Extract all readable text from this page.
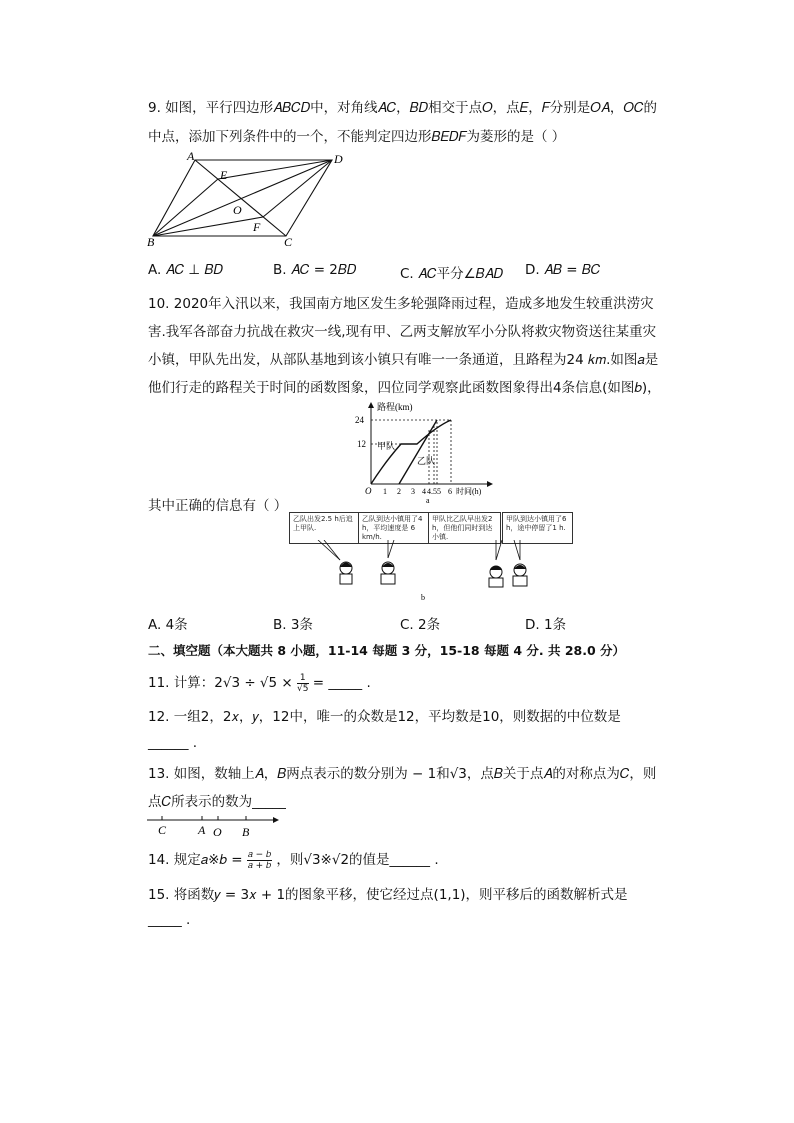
9. 如图，平行四边形𝐴𝐵𝐶𝐷中，对角线𝐴𝐶，𝐵𝐷相交于点𝑂，点𝐸，𝐹分别是𝑂𝐴，𝑂𝐶的
中点，添加下列条件中的一个，不能判定四边形𝐵𝐸𝐷𝐹为菱形的是（ ）
A	D
B	C
E
O
F
A. 𝐴𝐶 ⊥ 𝐵𝐷	B. 𝐴𝐶 = 2𝐵𝐷	C. 𝐴𝐶平分∠𝐵𝐴𝐷 D. 𝐴𝐵 = 𝐵𝐶
10. 2020年入汛以来，我国南方地区发生多轮强降雨过程，造成多地发生较重洪涝灾
害.我军各部奋力抗战在救灾一线,现有甲、乙两支解放军小分队将救灾物资送往某重灾
小镇，甲队先出发，从部队基地到该小镇只有唯一一条通道，且路程为24 𝑘𝑚.如图𝑎是
他们行走的路程关于时间的函数图象，四位同学观察此函数图象得出4条信息(如图𝑏)，
路程(km)
24
12
O 1 2 3 4 4.5 5 6 时间(h)
甲队
乙队
a
其中正确的信息有（ ）
乙队出发2.5 h后追上甲队.
乙队到达小镇用了4 h，平均速度是 6 km/h.
甲队比乙队早出发2 h，但他们同时到达小镇.
甲队到达小镇用了6 h，途中停留了1 h.
b
A. 4条	B. 3条	C. 2条	D. 1条
二、填空题（本大题共 8 小题，11-14 每题 3 分，15-18 每题 4 分. 共 28.0 分）
11. 计算：$2√3 \div √5 \times \frac{1}{√5}$ = _____ .
12. 一组2，2𝑥，𝑦，12中，唯一的众数是12，平均数是10，则数据的中位数是
______ .
13. 如图，数轴上𝐴，𝐵两点表示的数分别为 − 1和√3，点𝐵关于点𝐴的对称点为𝐶，则
点𝐶所表示的数为_____
C	A O B
14. 规定𝑎※𝑏 = $\frac{\text{𝑎 − 𝑏}}{\text{𝑎 + 𝑏}}$ ，则√3※√2的值是______ .
15. 将函数𝑦 = 3𝑥 + 1的图象平移，使它经过点(1,1)，则平移后的函数解析式是
_____ .
